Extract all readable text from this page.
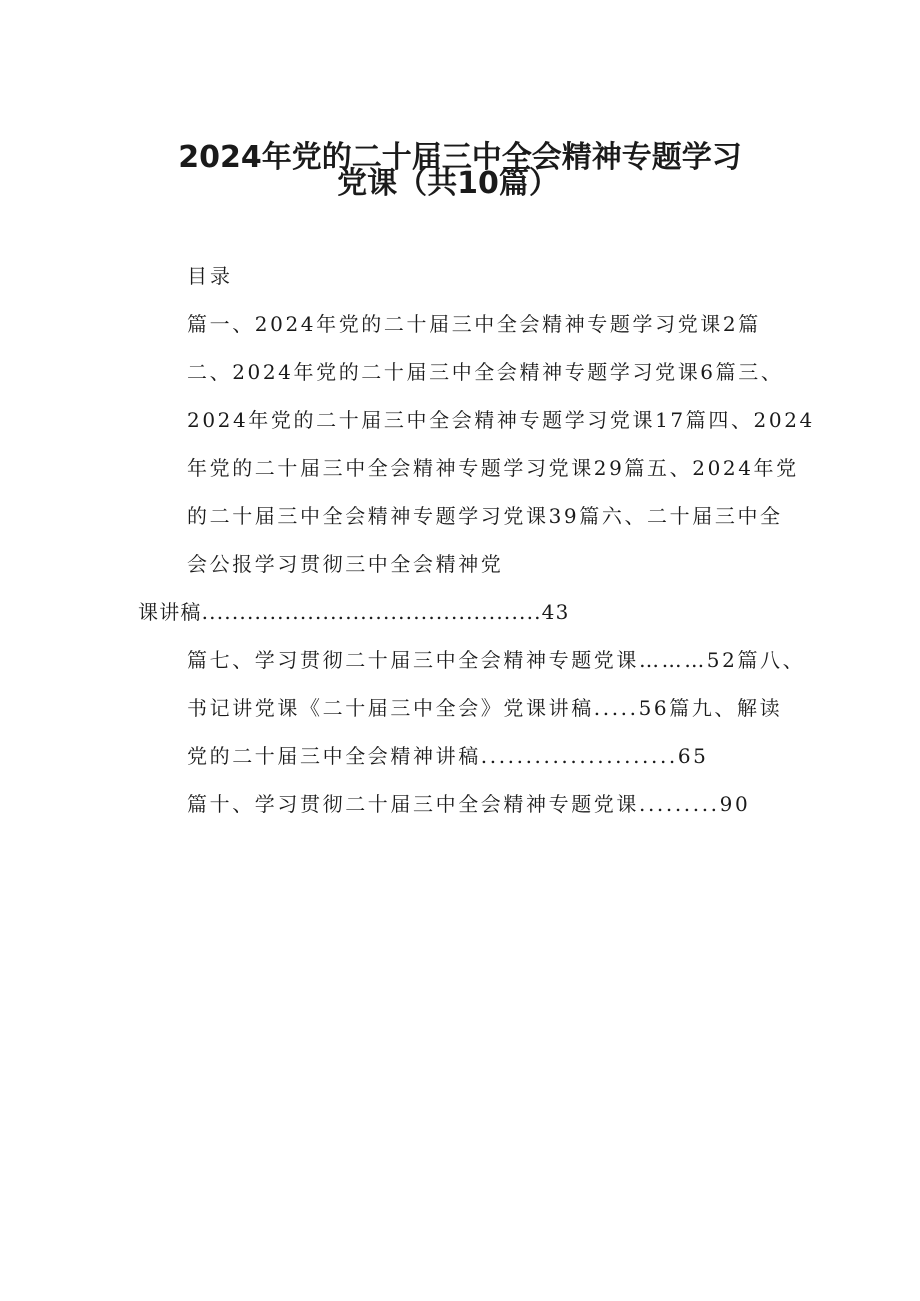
2024年党的二十届三中全会精神专题学习
党课（共10篇）

目录

篇一、2024年党的二十届三中全会精神专题学习党课2篇

二、2024年党的二十届三中全会精神专题学习党课6篇三、

2024年党的二十届三中全会精神专题学习党课17篇四、2024

年党的二十届三中全会精神专题学习党课29篇五、2024年党

的二十届三中全会精神专题学习党课39篇六、二十届三中全

会公报学习贯彻三中全会精神党

课讲稿.............................................43

篇七、学习贯彻二十届三中全会精神专题党课………52篇八、

书记讲党课《二十届三中全会》党课讲稿.....56篇九、解读

党的二十届三中全会精神讲稿......................65

篇十、学习贯彻二十届三中全会精神专题党课.........90
